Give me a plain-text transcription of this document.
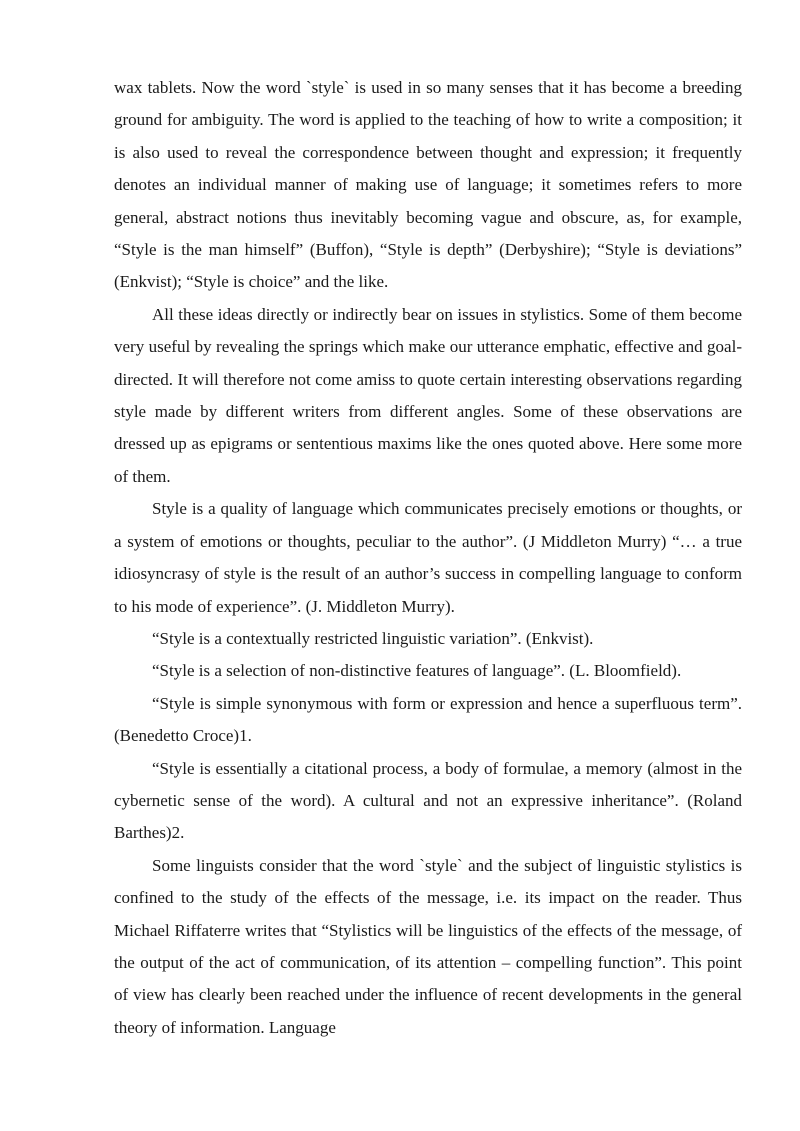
wax tablets. Now the word `style` is used in so many senses that it has become a breeding ground for ambiguity. The word is applied to the teaching of how to write a composition; it is also used to reveal the correspondence between thought and expression; it frequently denotes an individual manner of making use of language; it sometimes refers to more general, abstract notions thus inevitably becoming vague and obscure, as, for example, “Style is the man himself” (Buffon), “Style is depth” (Derbyshire); “Style is deviations” (Enkvist); “Style is choice” and the like.

All these ideas directly or indirectly bear on issues in stylistics. Some of them become very useful by revealing the springs which make our utterance emphatic, effective and goal-directed. It will therefore not come amiss to quote certain interesting observations regarding style made by different writers from different angles. Some of these observations are dressed up as epigrams or sententious maxims like the ones quoted above. Here some more of them.

Style is a quality of language which communicates precisely emotions or thoughts, or a system of emotions or thoughts, peculiar to the author”. (J Middleton Murry) “… a true idiosyncrasy of style is the result of an author’s success in compelling language to conform to his mode of experience”. (J. Middleton Murry).

“Style is a contextually restricted linguistic variation”. (Enkvist).

“Style is a selection of non-distinctive features of language”. (L. Bloomfield).

“Style is simple synonymous with form or expression and hence a superfluous term”. (Benedetto Croce)1.

“Style is essentially a citational process, a body of formulae, a memory (almost in the cybernetic sense of the word). A cultural and not an expressive inheritance”. (Roland Barthes)2.

Some linguists consider that the word `style` and the subject of linguistic stylistics is confined to the study of the effects of the message, i.e. its impact on the reader. Thus Michael Riffaterre writes that “Stylistics will be linguistics of the effects of the message, of the output of the act of communication, of its attention – compelling function”. This point of view has clearly been reached under the influence of recent developments in the general theory of information. Language
